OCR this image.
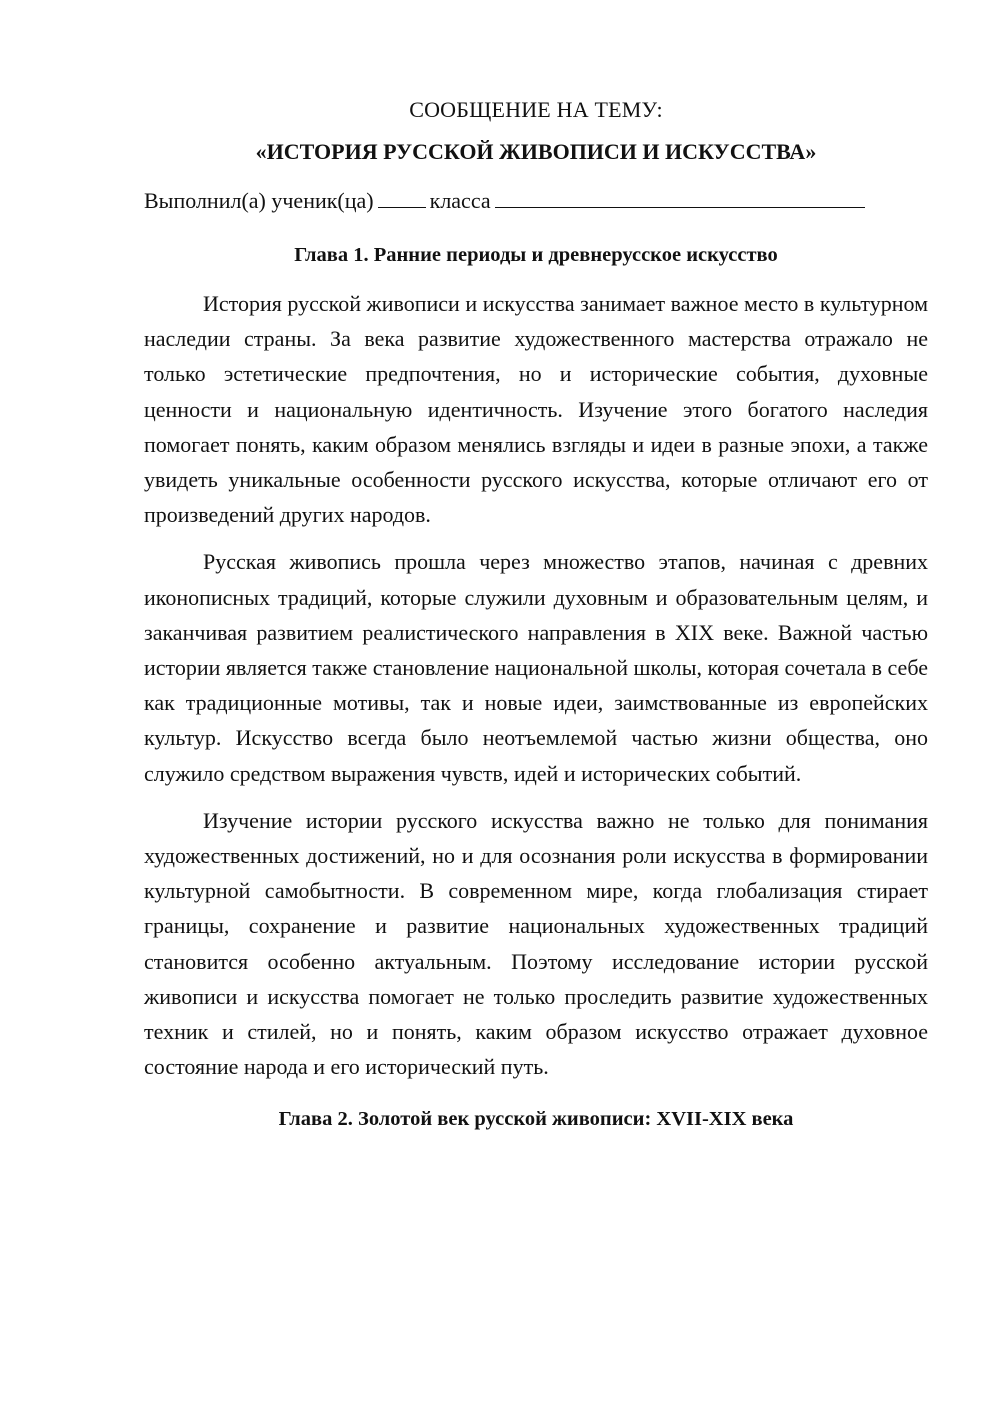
СООБЩЕНИЕ НА ТЕМУ:
«ИСТОРИЯ РУССКОЙ ЖИВОПИСИ И ИСКУССТВА»

Выполнил(а) ученик(ца)	класса

Глава 1. Ранние периоды и древнерусское искусство

История русской живописи и искусства занимает важное место в культурном наследии страны. За века развитие художественного мастерства отражало не только эстетические предпочтения, но и исторические события, духовные ценности и национальную идентичность. Изучение этого богатого наследия помогает понять, каким образом менялись взгляды и идеи в разные эпохи, а также увидеть уникальные особенности русского искусства, которые отличают его от произведений других народов.

Русская живопись прошла через множество этапов, начиная с древних иконописных традиций, которые служили духовным и образовательным целям, и заканчивая развитием реалистического направления в XIX веке. Важной частью истории является также становление национальной школы, которая сочетала в себе как традиционные мотивы, так и новые идеи, заимствованные из европейских культур. Искусство всегда было неотъемлемой частью жизни общества, оно служило средством выражения чувств, идей и исторических событий.

Изучение истории русского искусства важно не только для понимания художественных достижений, но и для осознания роли искусства в формировании культурной самобытности. В современном мире, когда глобализация стирает границы, сохранение и развитие национальных художественных традиций становится особенно актуальным. Поэтому исследование истории русской живописи и искусства помогает не только проследить развитие художественных техник и стилей, но и понять, каким образом искусство отражает духовное состояние народа и его исторический путь.

Глава 2. Золотой век русской живописи: XVII-XIX века
